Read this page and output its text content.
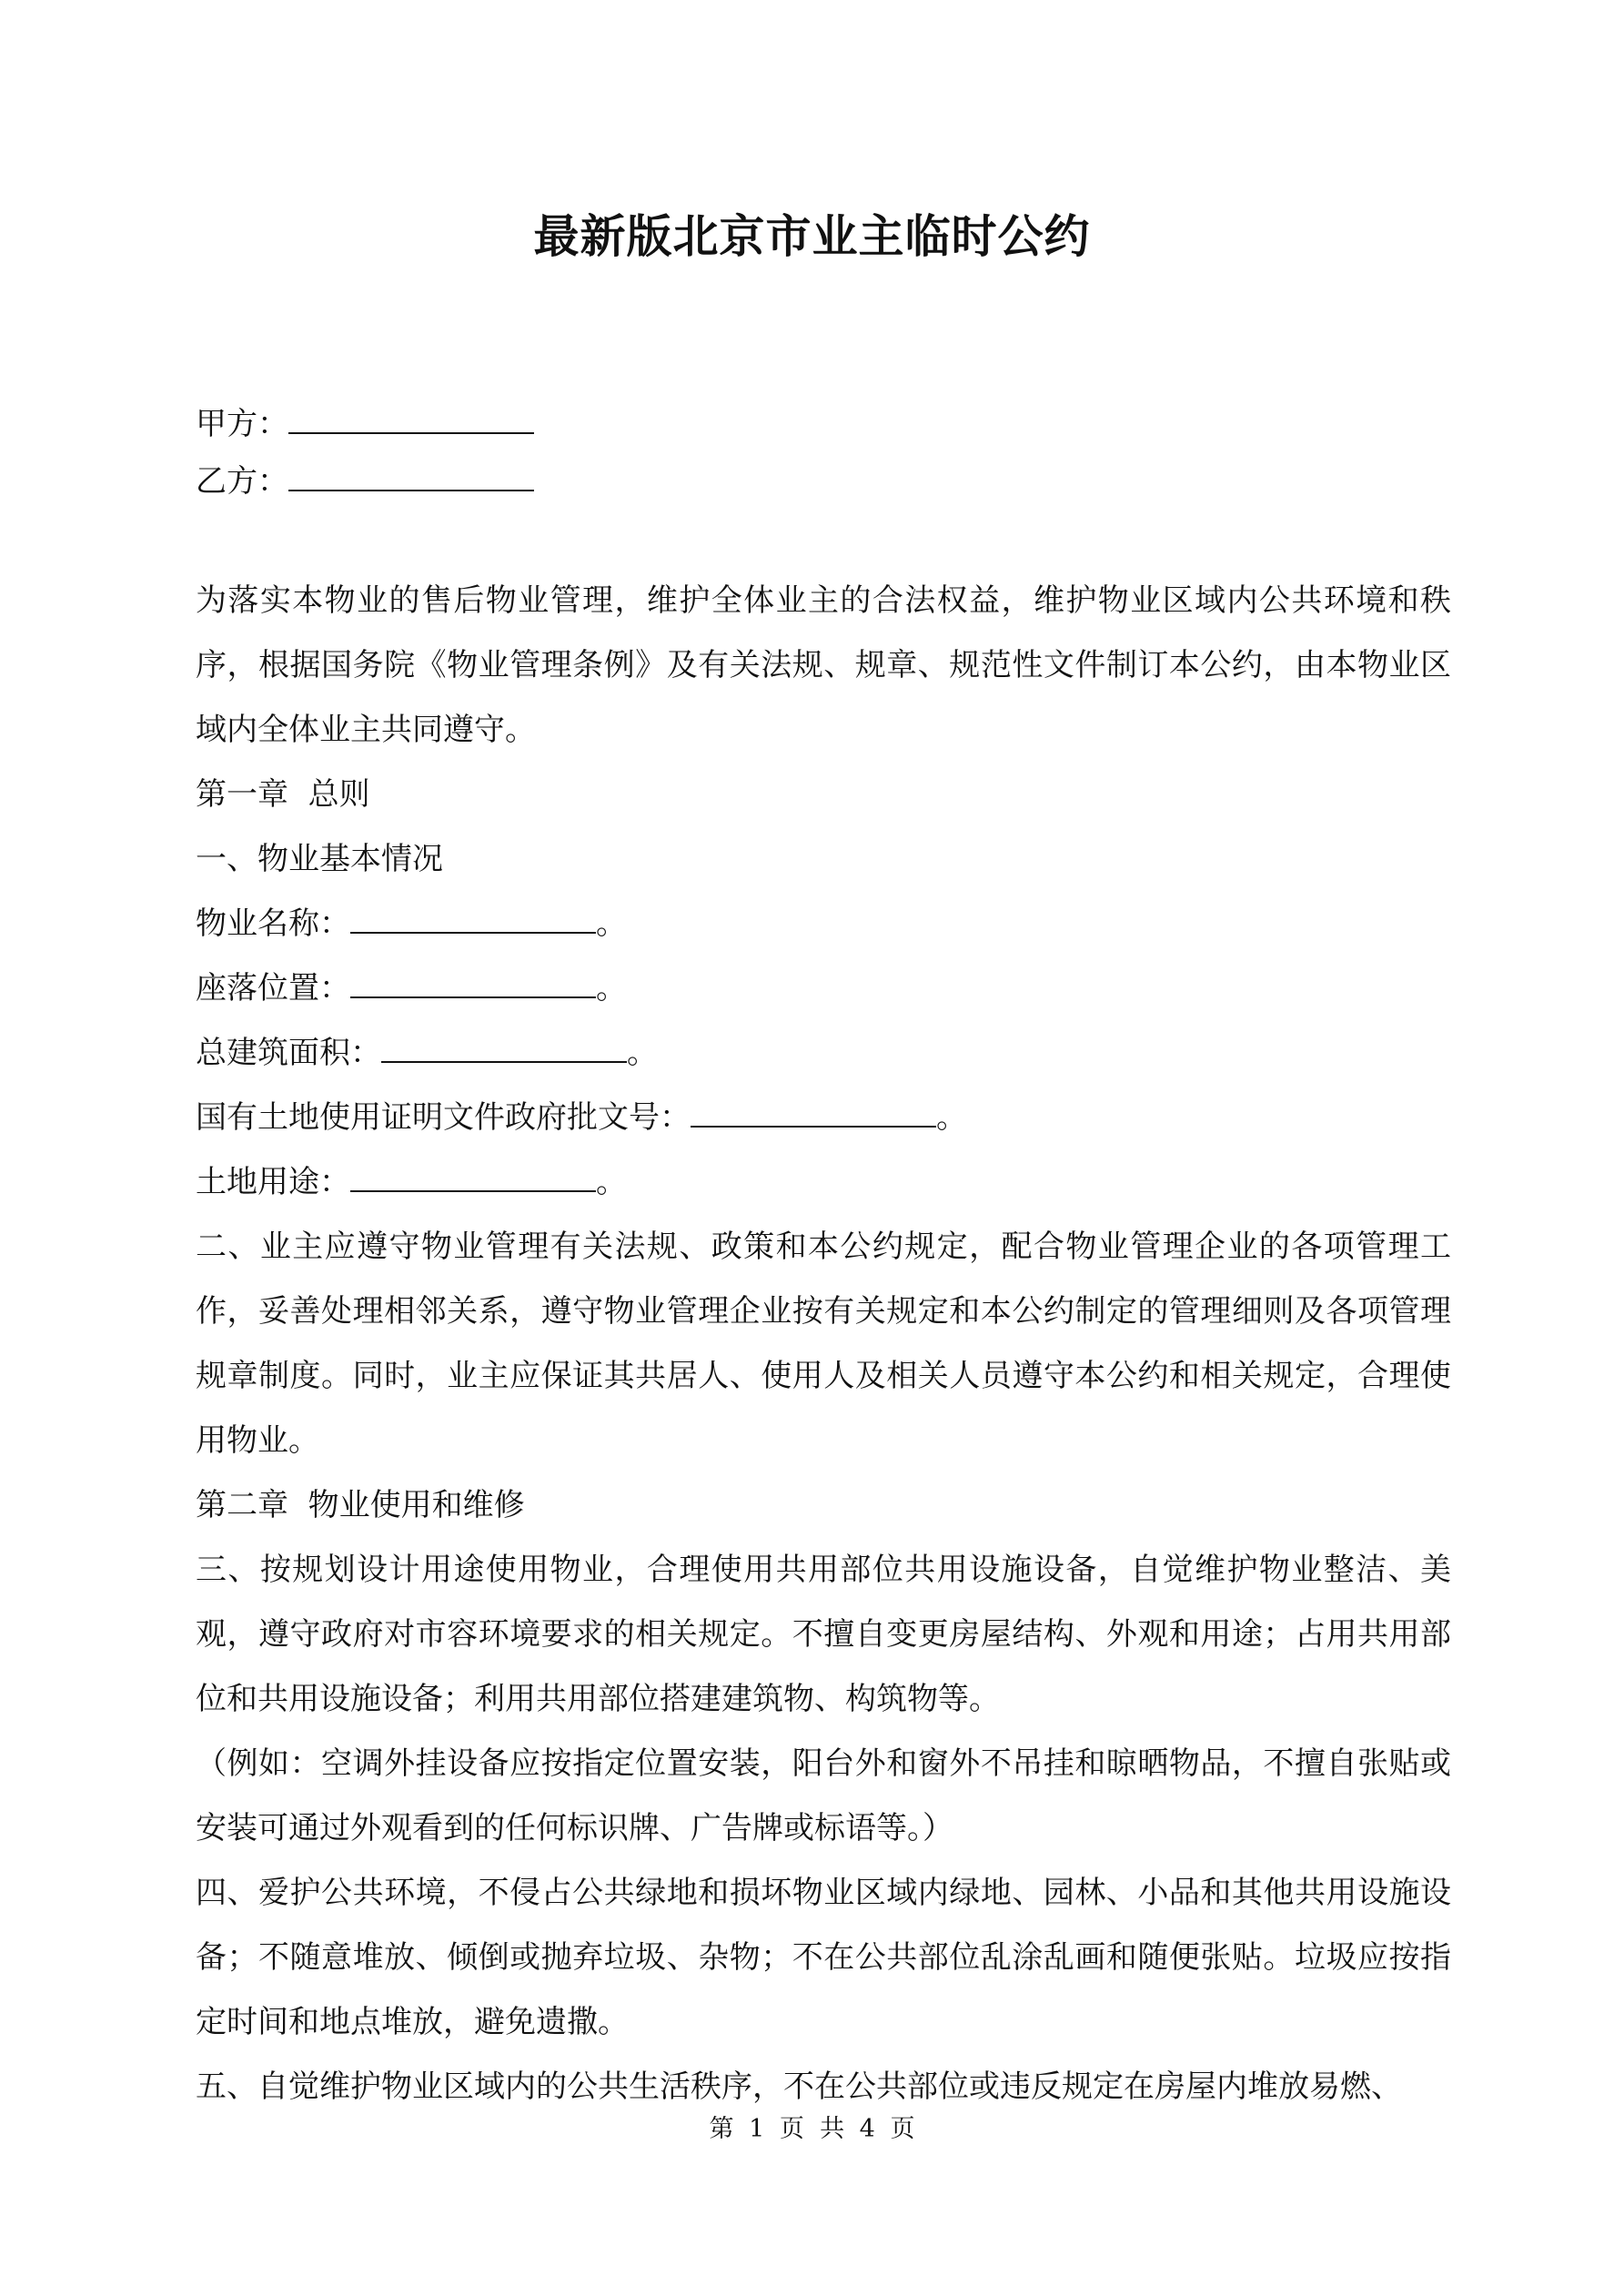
最新版北京市业主临时公约
甲方：
乙方：

为落实本物业的售后物业管理，维护全体业主的合法权益，维护物业区域内公共环境和秩序，根据国务院《物业管理条例》及有关法规、规章、规范性文件制订本公约，由本物业区域内全体业主共同遵守。

第一章  总则

一、物业基本情况

物业名称：	。

座落位置：	。

总建筑面积：	。

国有土地使用证明文件政府批文号：	。

土地用途：	。

二、业主应遵守物业管理有关法规、政策和本公约规定，配合物业管理企业的各项管理工作，妥善处理相邻关系，遵守物业管理企业按有关规定和本公约制定的管理细则及各项管理规章制度。同时，业主应保证其共居人、使用人及相关人员遵守本公约和相关规定，合理使用物业。

第二章  物业使用和维修

三、按规划设计用途使用物业，合理使用共用部位共用设施设备，自觉维护物业整洁、美观，遵守政府对市容环境要求的相关规定。不擅自变更房屋结构、外观和用途；占用共用部位和共用设施设备；利用共用部位搭建建筑物、构筑物等。

（例如：空调外挂设备应按指定位置安装，阳台外和窗外不吊挂和晾晒物品，不擅自张贴或安装可通过外观看到的任何标识牌、广告牌或标语等。）

四、爱护公共环境，不侵占公共绿地和损坏物业区域内绿地、园林、小品和其他共用设施设备；不随意堆放、倾倒或抛弃垃圾、杂物；不在公共部位乱涂乱画和随便张贴。垃圾应按指定时间和地点堆放，避免遗撒。

五、自觉维护物业区域内的公共生活秩序，不在公共部位或违反规定在房屋内堆放易燃、

第 1 页  共 4 页
